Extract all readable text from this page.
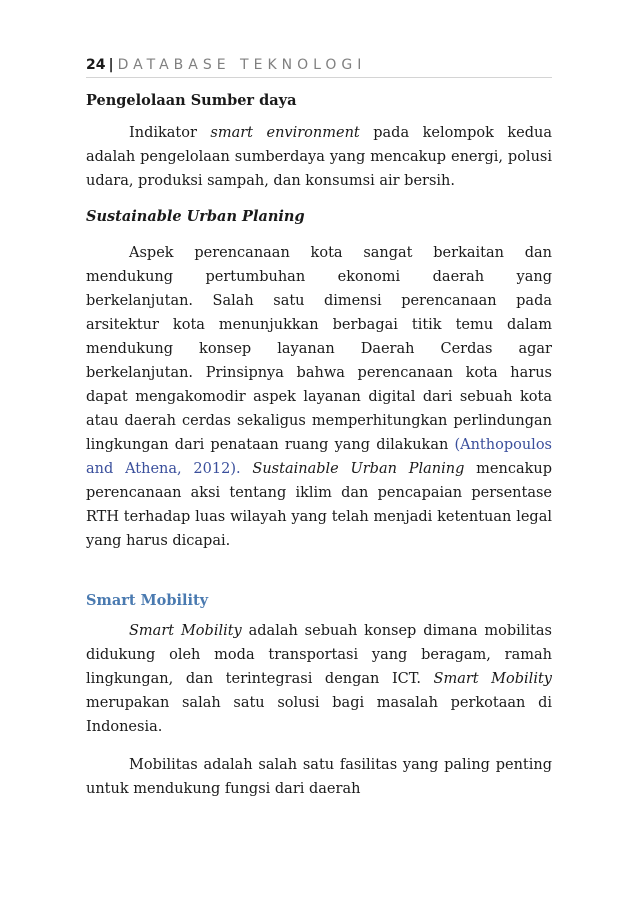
24 | DATABASE TEKNOLOGI
Pengelolaan Sumber daya

Indikator smart environment pada kelompok kedua adalah pengelolaan sumberdaya yang mencakup energi, polusi udara, produksi sampah, dan konsumsi air bersih.

Sustainable Urban Planing

Aspek perencanaan kota sangat berkaitan dan mendukung pertumbuhan ekonomi daerah yang berkelanjutan. Salah satu dimensi perencanaan pada arsitektur kota menunjukkan berbagai titik temu dalam mendukung konsep layanan Daerah Cerdas agar berkelanjutan. Prinsipnya bahwa perencanaan kota harus dapat mengakomodir aspek layanan digital dari sebuah kota atau daerah cerdas sekaligus memperhitungkan perlindungan lingkungan dari penataan ruang yang dilakukan (Anthopoulos and Athena, 2012). Sustainable Urban Planing mencakup perencanaan aksi tentang iklim dan pencapaian persentase RTH terhadap luas wilayah yang telah menjadi ketentuan legal yang harus dicapai.

Smart Mobility

Smart Mobility adalah sebuah konsep dimana mobilitas didukung oleh moda transportasi yang beragam, ramah lingkungan, dan terintegrasi dengan ICT. Smart Mobility merupakan salah satu solusi bagi masalah perkotaan di Indonesia.

Mobilitas adalah salah satu fasilitas yang paling penting untuk mendukung fungsi dari daerah
